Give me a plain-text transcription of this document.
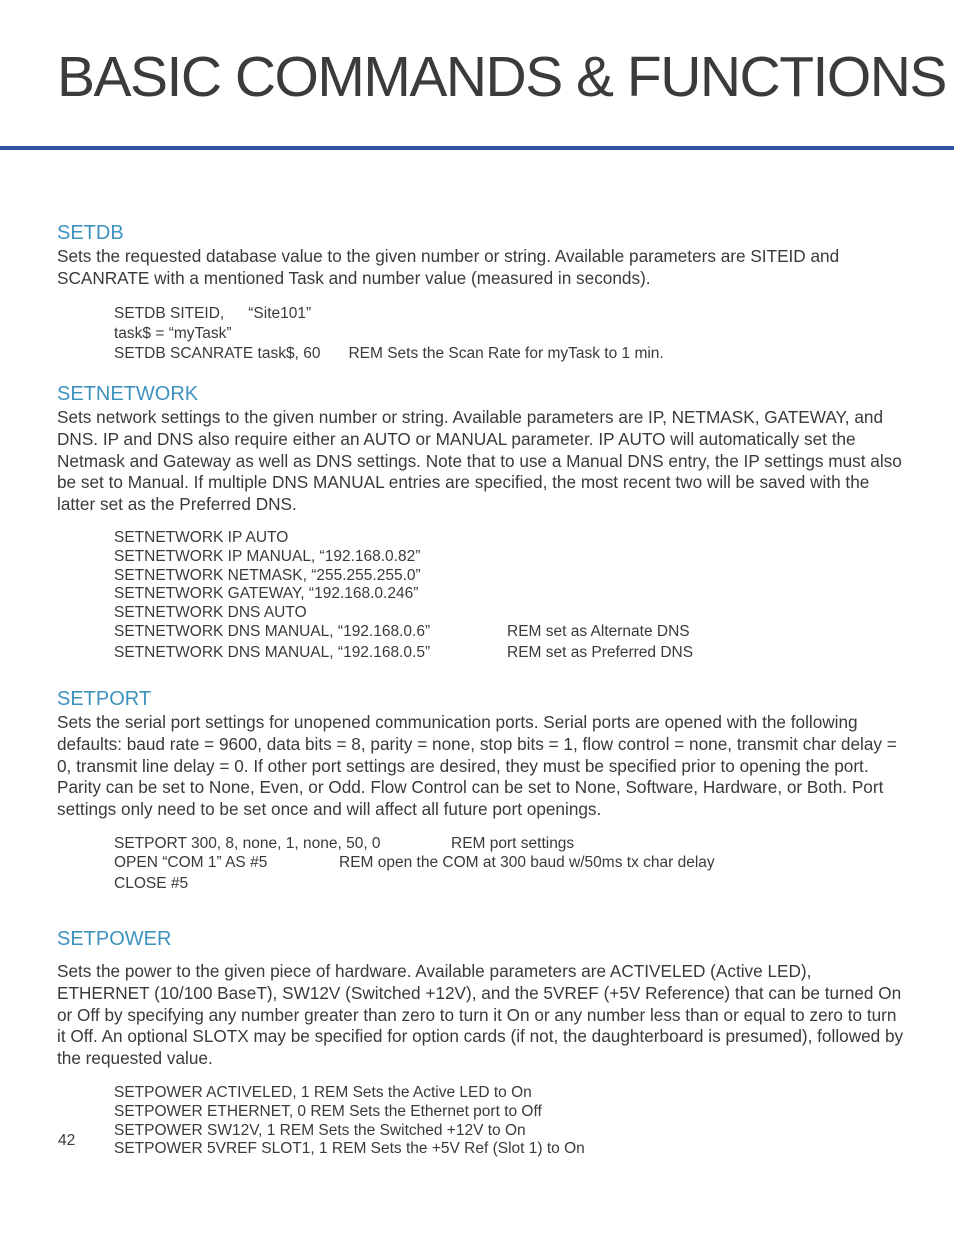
BASIC COMMANDS & FUNCTIONS
SETDB

Sets the requested database value to the given number or string. Available parameters are SITEID and SCANRATE with a mentioned Task and number value (measured in seconds).

SETDB SITEID, “Site101”
task$ = “myTask”
SETDB SCANRATE task$, 60 REM Sets the Scan Rate for myTask to 1 min.
SETNETWORK

Sets network settings to the given number or string. Available parameters are IP, NETMASK, GATEWAY, and DNS. IP and DNS also require either an AUTO or MANUAL parameter. IP AUTO will automatically set the Netmask and Gateway as well as DNS settings. Note that to use a Manual DNS entry, the IP settings must also be set to Manual. If multiple DNS MANUAL entries are specified, the most recent two will be saved with the latter set as the Preferred DNS.

SETNETWORK IP AUTO
SETNETWORK IP MANUAL, “192.168.0.82”
SETNETWORK NETMASK, “255.255.255.0”
SETNETWORK GATEWAY, “192.168.0.246”
SETNETWORK DNS AUTO
SETNETWORK DNS MANUAL, “192.168.0.6”	REM set as Alternate DNS
SETNETWORK DNS MANUAL, “192.168.0.5”	REM set as Preferred DNS
SETPORT

Sets the serial port settings for unopened communication ports. Serial ports are opened with the following defaults: baud rate = 9600, data bits = 8, parity = none, stop bits = 1, flow control = none, transmit char delay = 0, transmit line delay = 0. If other port settings are desired, they must be specified prior to opening the port. Parity can be set to None, Even, or Odd. Flow Control can be set to None, Software, Hardware, or Both. Port settings only need to be set once and will affect all future port openings.

SETPORT 300, 8, none, 1, none, 50, 0	REM port settings
OPEN “COM 1” AS #5	REM open the COM at 300 baud w/50ms tx char delay
CLOSE #5
SETPOWER

Sets the power to the given piece of hardware. Available parameters are ACTIVELED (Active LED), ETHERNET (10/100 BaseT), SW12V (Switched +12V), and the 5VREF (+5V Reference) that can be turned On or Off by specifying any number greater than zero to turn it On or any number less than or equal to zero to turn it Off. An optional SLOTX may be specified for option cards (if not, the daughterboard is presumed), followed by the requested value.

SETPOWER ACTIVELED, 1 REM Sets the Active LED to On
SETPOWER ETHERNET, 0 REM Sets the Ethernet port to Off
SETPOWER SW12V, 1 REM Sets the Switched +12V to On
SETPOWER 5VREF SLOT1, 1 REM Sets the +5V Ref (Slot 1) to On
42
